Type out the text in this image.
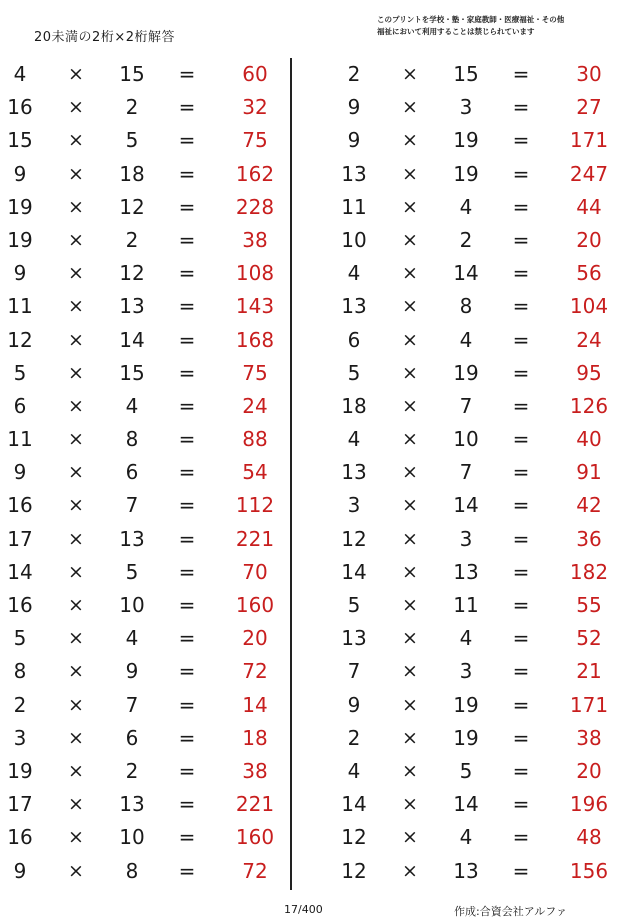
20未満の2桁×2桁解答
このプリントを学校・塾・家庭教師・医療福祉・その他
福祉において利用することは禁じられています
4	×	15	=	60
16	×	2	=	32
15	×	5	=	75
9	×	18	=	162
19	×	12	=	228
19	×	2	=	38
9	×	12	=	108
11	×	13	=	143
12	×	14	=	168
5	×	15	=	75
6	×	4	=	24
11	×	8	=	88
9	×	6	=	54
16	×	7	=	112
17	×	13	=	221
14	×	5	=	70
16	×	10	=	160
5	×	4	=	20
8	×	9	=	72
2	×	7	=	14
3	×	6	=	18
19	×	2	=	38
17	×	13	=	221
16	×	10	=	160
9	×	8	=	72
2	×	15	=	30
9	×	3	=	27
9	×	19	=	171
13	×	19	=	247
11	×	4	=	44
10	×	2	=	20
4	×	14	=	56
13	×	8	=	104
6	×	4	=	24
5	×	19	=	95
18	×	7	=	126
4	×	10	=	40
13	×	7	=	91
3	×	14	=	42
12	×	3	=	36
14	×	13	=	182
5	×	11	=	55
13	×	4	=	52
7	×	3	=	21
9	×	19	=	171
2	×	19	=	38
4	×	5	=	20
14	×	14	=	196
12	×	4	=	48
12	×	13	=	156
17/400	作成:合資会社アルファ
